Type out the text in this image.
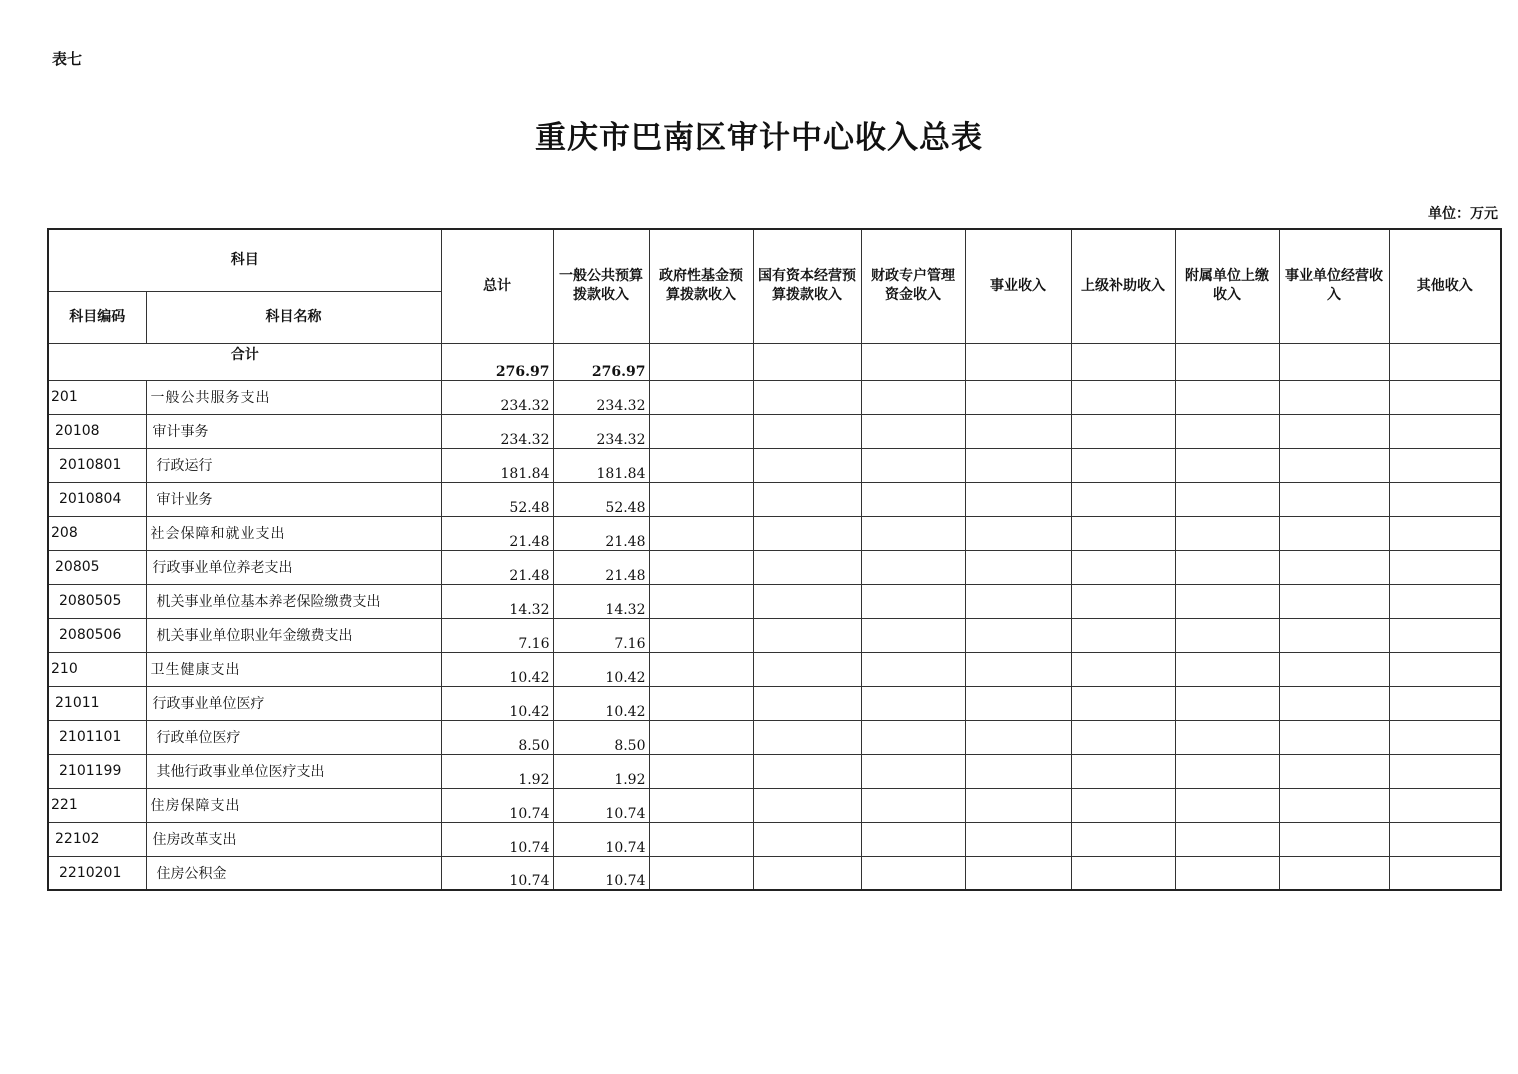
表七
重庆市巴南区审计中心收入总表
单位：万元
科目		总计	一般公共预算拨款收入	政府性基金预算拨款收入	国有资本经营预算拨款收入	财政专户管理资金收入	事业收入	上级补助收入	附属单位上缴收入	事业单位经营收入	其他收入
科目编码	科目名称										
合计		276.97	276.97								
201	一般公共服务支出	234.32	234.32								
20108	审计事务	234.32	234.32								
2010801	行政运行	181.84	181.84								
2010804	审计业务	52.48	52.48								
208	社会保障和就业支出	21.48	21.48								
20805	行政事业单位养老支出	21.48	21.48								
2080505	机关事业单位基本养老保险缴费支出	14.32	14.32								
2080506	机关事业单位职业年金缴费支出	7.16	7.16								
210	卫生健康支出	10.42	10.42								
21011	行政事业单位医疗	10.42	10.42								
2101101	行政单位医疗	8.50	8.50								
2101199	其他行政事业单位医疗支出	1.92	1.92								
221	住房保障支出	10.74	10.74								
22102	住房改革支出	10.74	10.74								
2210201	住房公积金	10.74	10.74								
